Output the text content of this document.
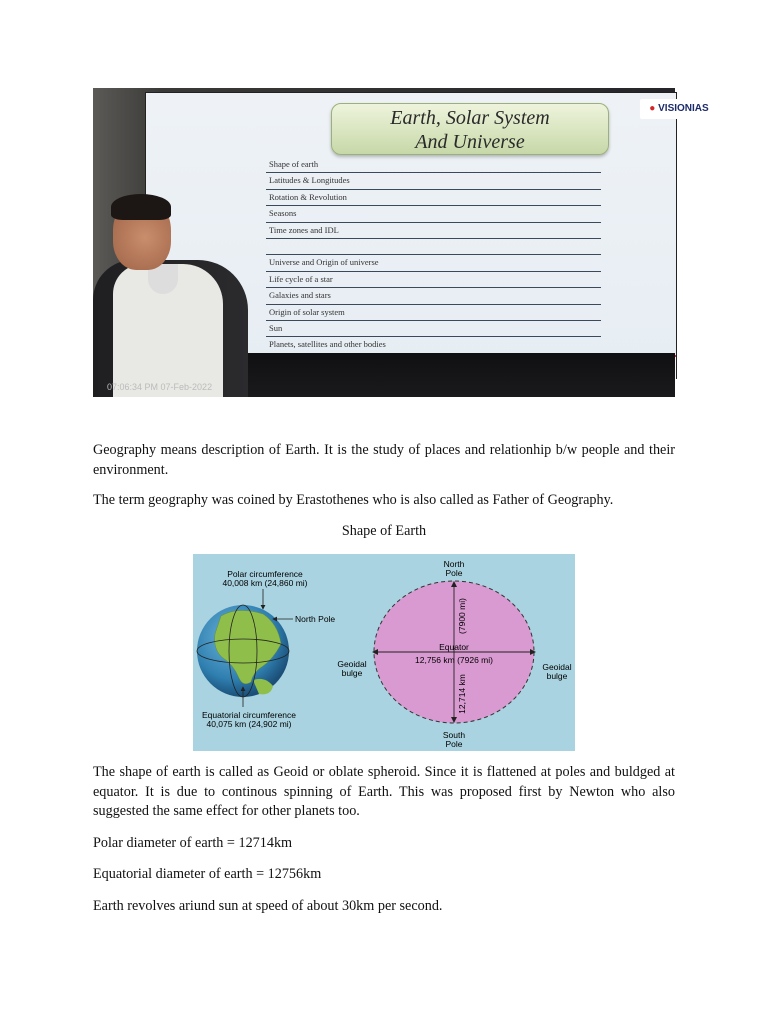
Earth, Solar System
And Universe
● VISIONIAS
Shape of earth
Latitudes & Longitudes
Rotation & Revolution
Seasons
Time zones and IDL
Universe and Origin of universe
Life cycle of a star
Galaxies and stars
Origin of solar system
Sun
Planets, satellites and other bodies
07:06:34 PM 07-Feb-2022

Geography means description of Earth. It is the study of places and relationhip b/w people and their environment.

The term geography was coined by Erastothenes who is also called as Father of Geography.

Shape of Earth

Polar circumference
40,008 km (24,860 mi)
North Pole
Equatorial circumference
40,075 km (24,902 mi)
North
Pole
South
Pole
(7900 mi)
12,714 km
Equator
12,756 km (7926 mi)
Geoidal
bulge
Geoidal
bulge

The shape of earth is called as Geoid or oblate spheroid. Since it is flattened at poles and buldged at equator. It is due to continous spinning of Earth. This was proposed first by Newton who also suggested the same effect for other planets too.

Polar diameter of earth = 12714km

Equatorial diameter of earth = 12756km

Earth revolves ariund sun at speed of about 30km per second.
